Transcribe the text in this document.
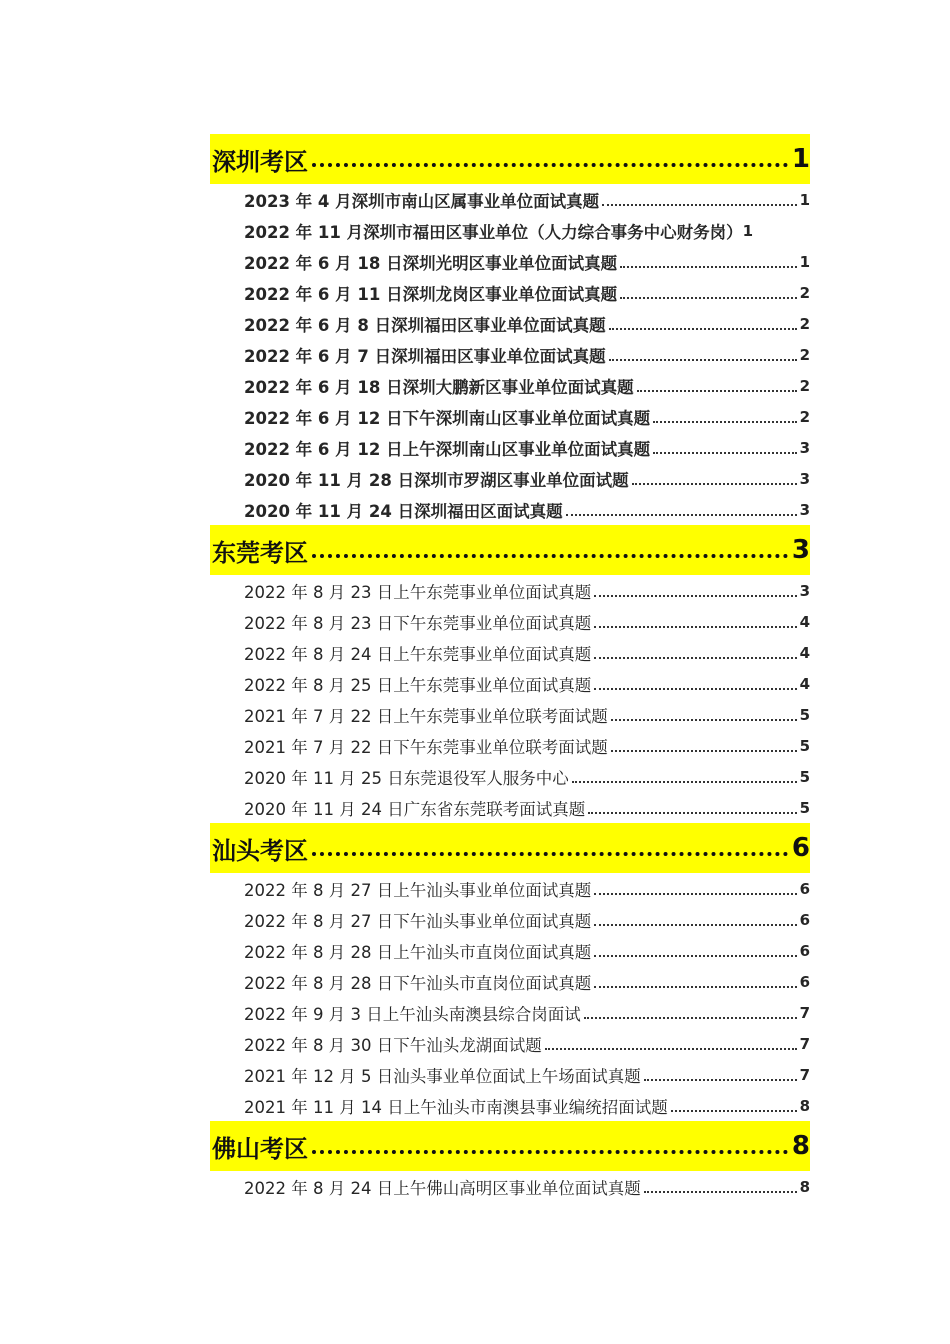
深圳考区	1
2023 年 4 月深圳市南山区属事业单位面试真题	1
2022 年 11 月深圳市福田区事业单位（人力综合事务中心财务岗） 1
2022 年 6 月 18 日深圳光明区事业单位面试真题	1
2022 年 6 月 11 日深圳龙岗区事业单位面试真题	2
2022 年 6 月 8 日深圳福田区事业单位面试真题	2
2022 年 6 月 7 日深圳福田区事业单位面试真题	2
2022 年 6 月 18 日深圳大鹏新区事业单位面试真题	2
2022 年 6 月 12 日下午深圳南山区事业单位面试真题	2
2022 年 6 月 12 日上午深圳南山区事业单位面试真题	3
2020 年 11 月 28 日深圳市罗湖区事业单位面试题	3
2020 年 11 月 24 日深圳福田区面试真题	3
东莞考区	3
2022 年 8 月 23 日上午东莞事业单位面试真题	3
2022 年 8 月 23 日下午东莞事业单位面试真题	4
2022 年 8 月 24 日上午东莞事业单位面试真题	4
2022 年 8 月 25 日上午东莞事业单位面试真题	4
2021 年 7 月 22 日上午东莞事业单位联考面试题	5
2021 年 7 月 22 日下午东莞事业单位联考面试题	5
2020 年 11 月 25 日东莞退役军人服务中心	5
2020 年 11 月 24 日广东省东莞联考面试真题	5
汕头考区	6
2022 年 8 月 27 日上午汕头事业单位面试真题	6
2022 年 8 月 27 日下午汕头事业单位面试真题	6
2022 年 8 月 28 日上午汕头市直岗位面试真题	6
2022 年 8 月 28 日下午汕头市直岗位面试真题	6
2022 年 9 月 3 日上午汕头南澳县综合岗面试	7
2022 年 8 月 30 日下午汕头龙湖面试题	7
2021 年 12 月 5 日汕头事业单位面试上午场面试真题	7
2021 年 11 月 14 日上午汕头市南澳县事业编统招面试题	8
佛山考区	8
2022 年 8 月 24 日上午佛山高明区事业单位面试真题	8
